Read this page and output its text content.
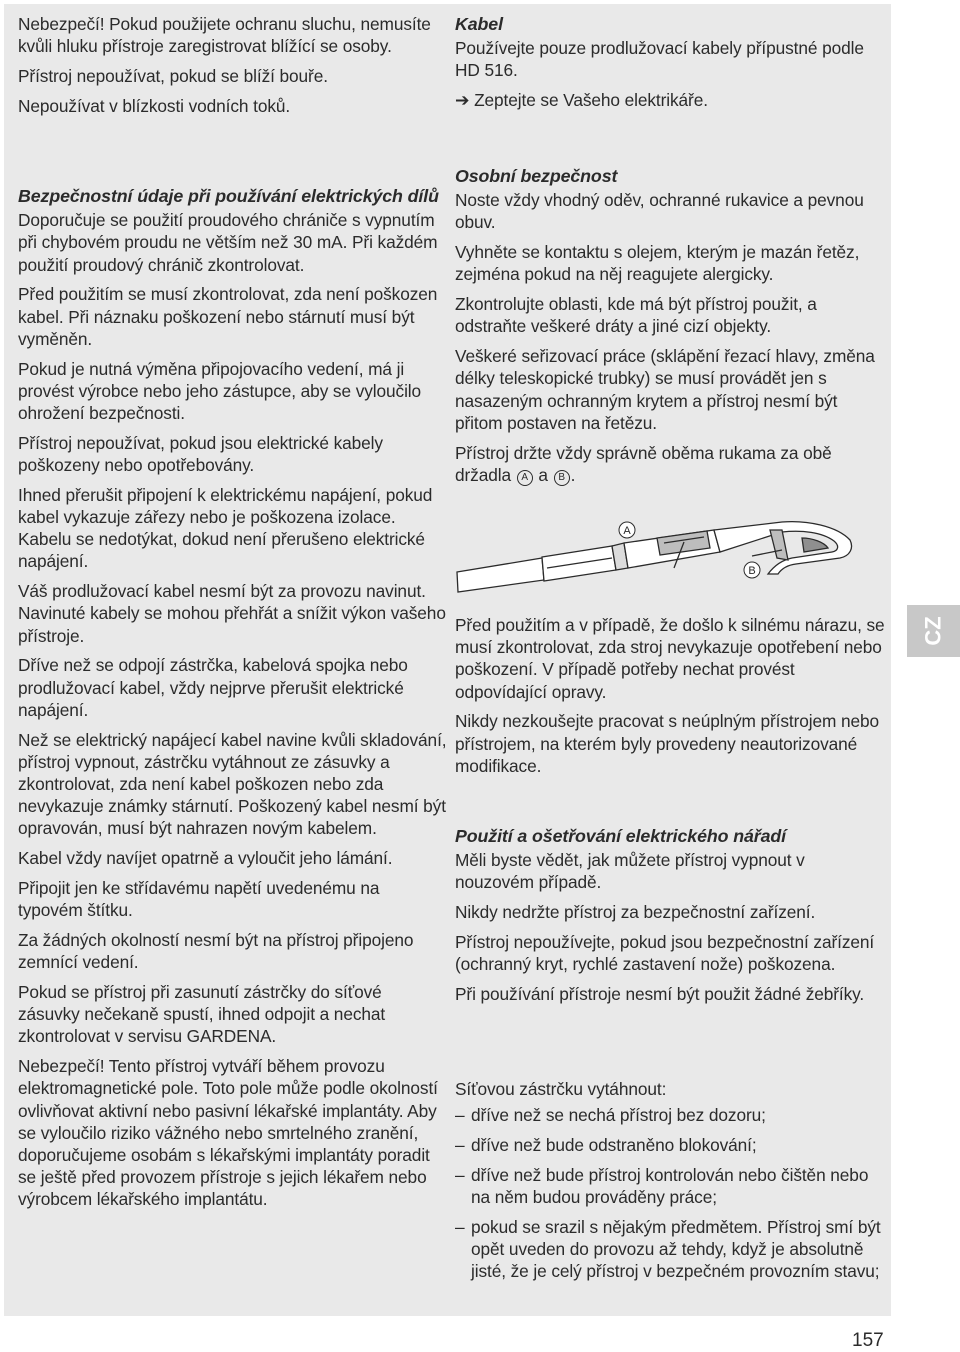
Nebezpečí! Pokud použijete ochranu sluchu, nemusíte kvůli hluku přístroje zaregistrovat blížící se osoby.

Přístroj nepoužívat, pokud se blíží bouře.

Nepoužívat v blízkosti vodních toků.

Bezpečnostní údaje při používání elektrických dílů

Doporučuje se použití proudového chrániče s vypnutím při chybovém proudu ne větším než 30 mA. Při každém použití proudový chránič zkontrolovat.

Před použitím se musí zkontrolovat, zda není poškozen kabel. Při náznaku poškození nebo stárnutí musí být vyměněn.

Pokud je nutná výměna připojovacího vedení, má ji provést výrobce nebo jeho zástupce, aby se vyloučilo ohrožení bezpečnosti.

Přístroj nepoužívat, pokud jsou elektrické kabely poškozeny nebo opotřebovány.

Ihned přerušit připojení k elektrickému napájení, pokud kabel vykazuje zářezy nebo je poškozena izolace. Kabelu se nedotýkat, dokud není přerušeno elektrické napájení.

Váš prodlužovací kabel nesmí být za provozu navinut. Navinuté kabely se mohou přehřát a snížit výkon vašeho přístroje.

Dříve než se odpojí zástrčka, kabelová spojka nebo prodlužovací kabel, vždy nejprve přerušit elektrické napájení.

Než se elektrický napájecí kabel navine kvůli skladování, přístroj vypnout, zástrčku vytáhnout ze zásuvky a zkontrolovat, zda není kabel poškozen nebo zda nevykazuje známky stárnutí. Poškozený kabel nesmí být opravován, musí být nahrazen novým kabelem.

Kabel vždy navíjet opatrně a vyloučit jeho lámání.

Připojit jen ke střídavému napětí uvedenému na typovém štítku.

Za žádných okolností nesmí být na přístroj připojeno zemnící vedení.

Pokud se přístroj při zasunutí zástrčky do síťové zásuvky nečekaně spustí, ihned odpojit a nechat zkontrolovat v servisu GARDENA.

Nebezpečí! Tento přístroj vytváří během provozu elektromagnetické pole. Toto pole může podle okolností ovlivňovat aktivní nebo pasivní lékařské implantáty. Aby se vyloučilo riziko vážného nebo smrtelného zranění, doporučujeme osobám s lékařskými implantáty poradit se ještě před provozem přístroje s jejich lékařem nebo výrobcem lékařského implantátu.

Kabel

Používejte pouze prodlužovací kabely přípustné podle HD 516.

➔ Zeptejte se Vašeho elektrikáře.

Osobní bezpečnost

Noste vždy vhodný oděv, ochranné rukavice a pevnou obuv.

Vyhněte se kontaktu s olejem, kterým je mazán řetěz, zejména pokud na něj reagujete alergicky.

Zkontrolujte oblasti, kde má být přístroj použit, a odstraňte veškeré dráty a jiné cizí objekty.

Veškeré seřizovací práce (sklápění řezací hlavy, změna délky teleskopické trubky) se musí provádět jen s nasazeným ochranným krytem a přístroj nesmí být přitom postaven na řetězu.

Přístroj držte vždy správně oběma rukama za obě držadla A a B .

Před použitím a v případě, že došlo k silnému nárazu, se musí zkontrolovat, zda stroj nevykazuje opotřebení nebo poškození. V případě potřeby nechat provést odpovídající opravy.

Nikdy nezkoušejte pracovat s neúplným přístrojem nebo přístrojem, na kterém byly provedeny neautorizované modifikace.

Použití a ošetřování elektrického nářadí

Měli byste vědět, jak můžete přístroj vypnout v nouzovém případě.

Nikdy nedržte přístroj za bezpečnostní zařízení.

Přístroj nepoužívejte, pokud jsou bezpečnostní zařízení (ochranný kryt, rychlé zastavení nože) poškozena.

Při používání přístroje nesmí být použit žádné žebříky.

Síťovou zástrčku vytáhnout:

– dříve než se nechá přístroj bez dozoru;
– dříve než bude odstraněno blokování;
– dříve než bude přístroj kontrolován nebo čištěn nebo na něm budou prováděny práce;
– pokud se srazil s nějakým předmětem. Přístroj smí být opět uveden do provozu až tehdy, když je absolutně jisté, že je celý přístroj v bezpečném provozním stavu;
A
B
CZ
157
